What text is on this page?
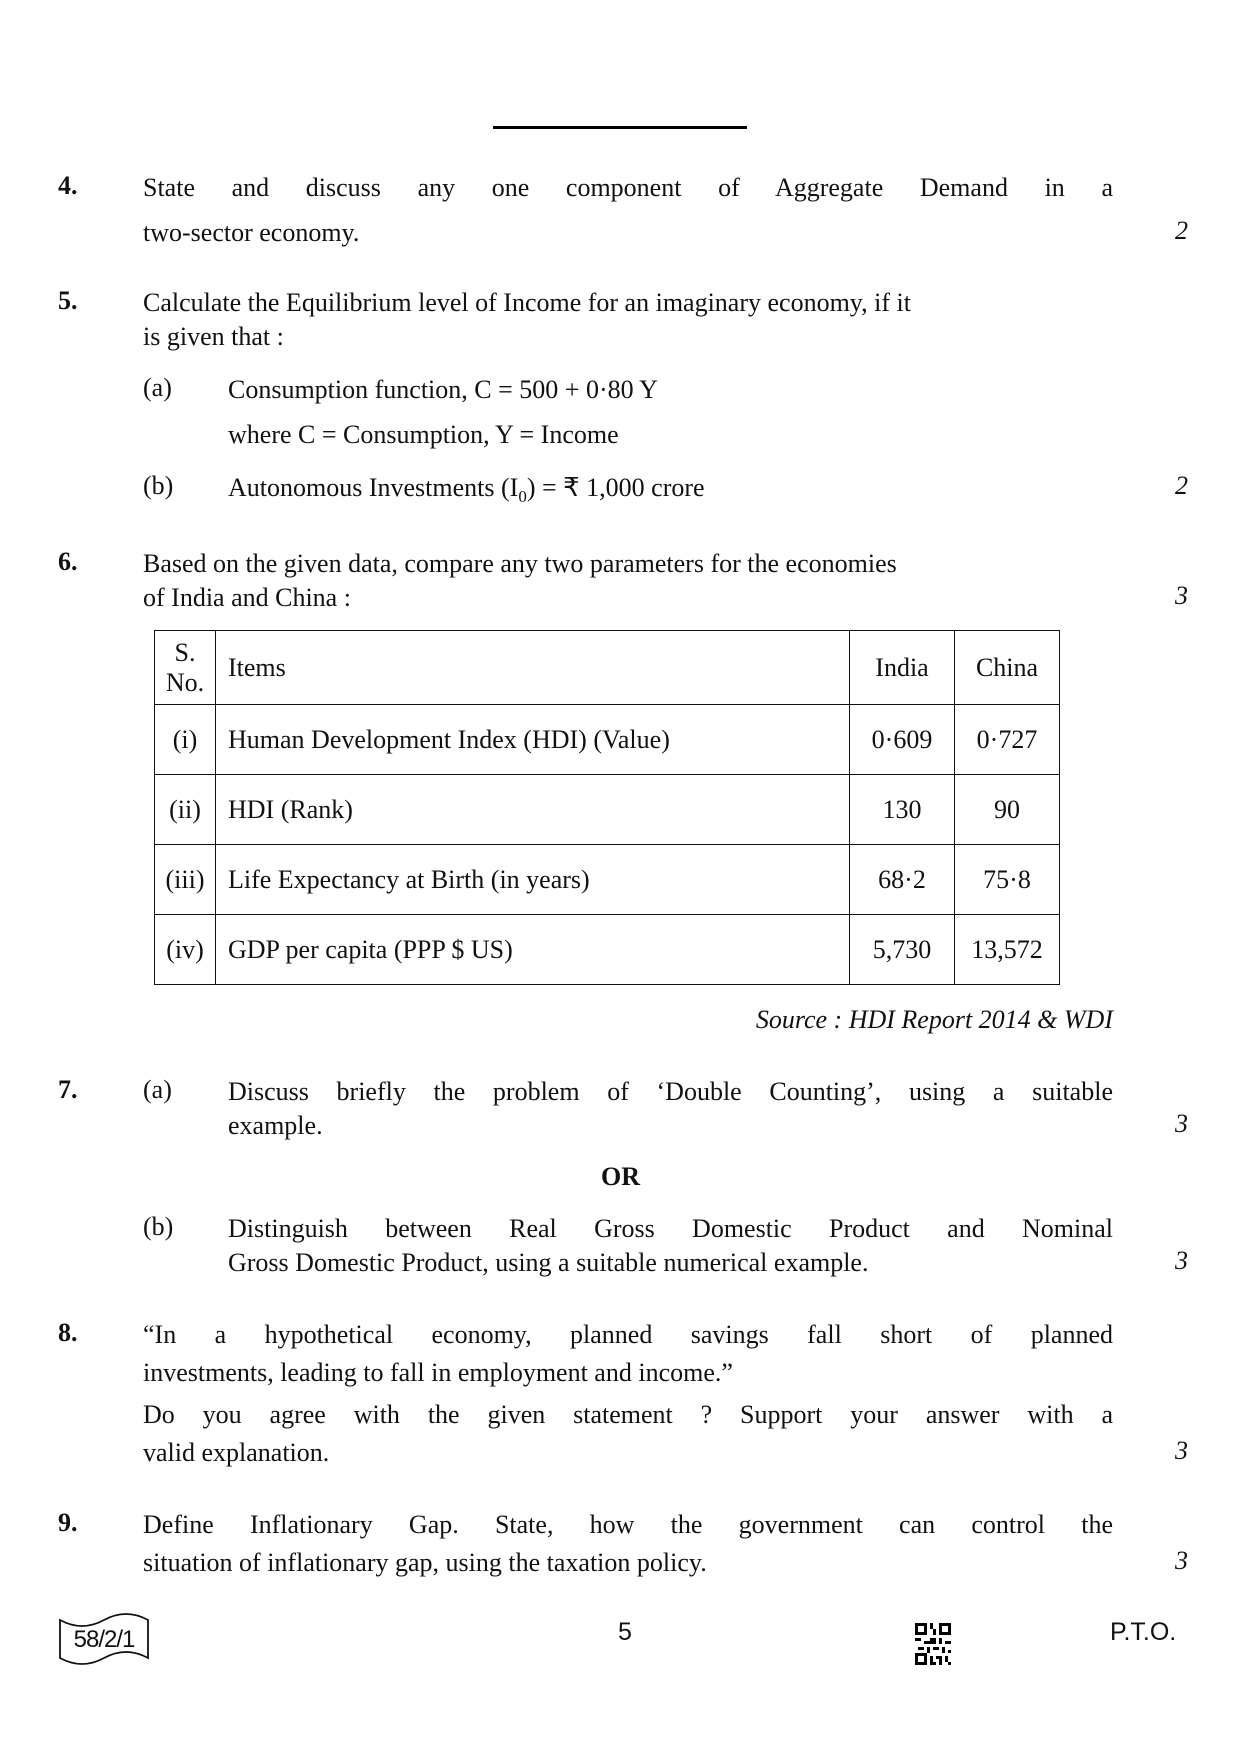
4.	State and discuss any one component of Aggregate Demand in a
two-sector economy.	2
5.	Calculate the Equilibrium level of Income for an imaginary economy, if it
is given that :
(a) Consumption function, C = 500 + 0·80 Y
where C = Consumption, Y = Income
(b) Autonomous Investments $(I_0)$ = ₹ 1,000 crore	2
6.	Based on the given data, compare any two parameters for the economies
of India and China :	3
S.
No.	Items	India	China
(i)	Human Development Index (HDI) (Value)	0·609	0·727
(ii)	HDI (Rank)	130	90
(iii)	Life Expectancy at Birth (in years)	68·2	75·8
(iv)	GDP per capita (PPP $ US)	5,730	13,572
Source : HDI Report 2014 & WDI
7.	(a) Discuss briefly the problem of ‘Double Counting’, using a suitable
example.	3
OR
(b) Distinguish between Real Gross Domestic Product and Nominal
Gross Domestic Product, using a suitable numerical example.	3
8.	“In a hypothetical economy, planned savings fall short of planned
investments, leading to fall in employment and income.”
Do you agree with the given statement ? Support your answer with a
valid explanation.	3
9.	Define Inflationary Gap. State, how the government can control the
situation of inflationary gap, using the taxation policy.	3
58/2/1	5	P.T.O.
